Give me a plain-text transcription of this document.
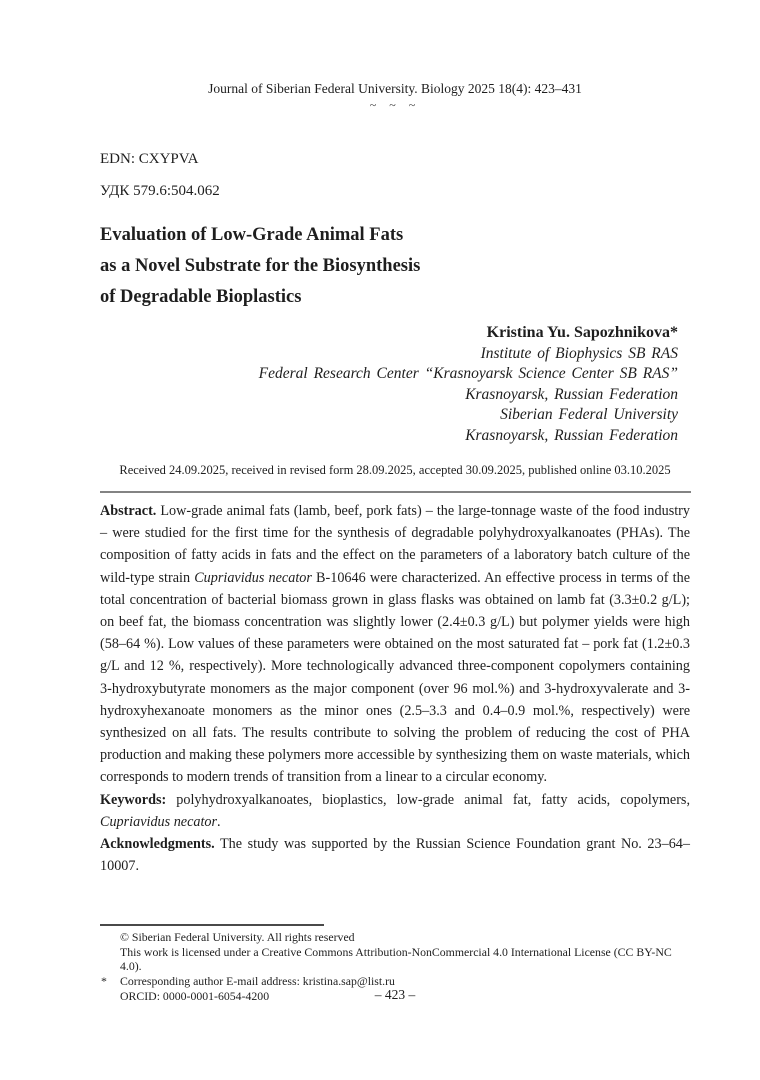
Journal of Siberian Federal University. Biology 2025 18(4): 423–431
~ ~ ~
EDN: CXYPVA
УДК 579.6:504.062
Evaluation of Low-Grade Animal Fats
as a Novel Substrate for the Biosynthesis
of Degradable Bioplastics
Kristina Yu. Sapozhnikova*
Institute of Biophysics SB RAS
Federal Research Center “Krasnoyarsk Science Center SB RAS”
Krasnoyarsk, Russian Federation
Siberian Federal University
Krasnoyarsk, Russian Federation
Received 24.09.2025, received in revised form 28.09.2025, accepted 30.09.2025, published online 03.10.2025

Abstract. Low-grade animal fats (lamb, beef, pork fats) – the large-tonnage waste of the food industry – were studied for the first time for the synthesis of degradable polyhydroxyalkanoates (PHAs). The composition of fatty acids in fats and the effect on the parameters of a laboratory batch culture of the wild-type strain Cupriavidus necator B-10646 were characterized. An effective process in terms of the total concentration of bacterial biomass grown in glass flasks was obtained on lamb fat (3.3±0.2 g/L); on beef fat, the biomass concentration was slightly lower (2.4±0.3 g/L) but polymer yields were high (58–64 %). Low values of these parameters were obtained on the most saturated fat – pork fat (1.2±0.3 g/L and 12 %, respectively). More technologically advanced three-component copolymers containing 3-hydroxybutyrate monomers as the major component (over 96 mol.%) and 3-hydroxyvalerate and 3-hydroxyhexanoate monomers as the minor ones (2.5–3.3 and 0.4–0.9 mol.%, respectively) were synthesized on all fats. The results contribute to solving the problem of reducing the cost of PHA production and making these polymers more accessible by synthesizing them on waste materials, which corresponds to modern trends of transition from a linear to a circular economy.

Keywords: polyhydroxyalkanoates, bioplastics, low-grade animal fat, fatty acids, copolymers, Cupriavidus necator.

Acknowledgments. The study was supported by the Russian Science Foundation grant No. 23–64–10007.

© Siberian Federal University. All rights reserved
This work is licensed under a Creative Commons Attribution-NonCommercial 4.0 International License (CC BY-NC 4.0).
* Corresponding author E-mail address: kristina.sap@list.ru
ORCID: 0000-0001-6054-4200	– 423 –
